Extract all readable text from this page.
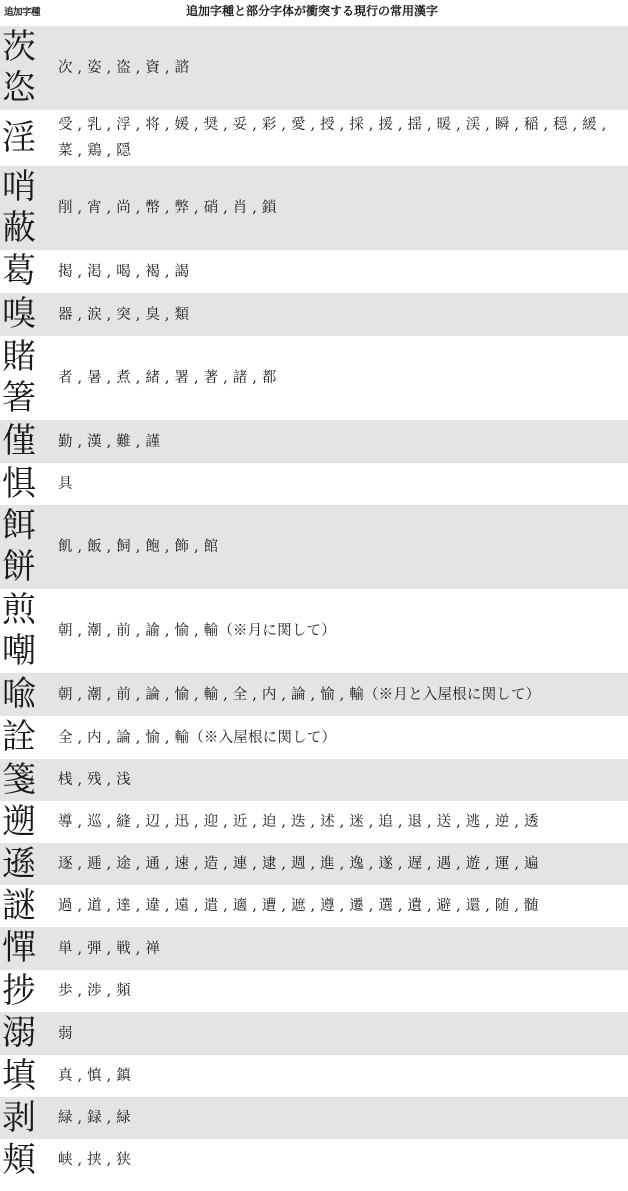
追加字種	追加字種と部分字体が衝突する現行の常用漢字
茨
恣 次 , 姿 , 盗 , 資 , 諮
淫 受 , 乳 , 浮 , 将 , 媛 , 奨 , 妥 , 彩 , 愛 , 授 , 採 , 援 , 揺 , 暖 , 渓 , 瞬 , 稲 , 穏 , 緩 , 菜 , 鶏 , 隠
哨
蔽 削 , 宵 , 尚 , 幣 , 弊 , 硝 , 肖 , 鎖
葛 掲 , 渇 , 喝 , 褐 , 謁
嗅 器 , 涙 , 突 , 臭 , 類
賭
箸 者 , 暑 , 煮 , 緒 , 署 , 著 , 諸 , 都
僅 勤 , 漢 , 難 , 謹
惧 具
餌
餅 飢 , 飯 , 飼 , 飽 , 飾 , 館
煎
嘲 朝 , 潮 , 前 , 諭 , 愉 , 輸（※月に関して）
喩 朝 , 潮 , 前 , 論 , 愉 , 輸 , 全 , 内 , 論 , 愉 , 輸（※月と入屋根に関して）
詮 全 , 内 , 論 , 愉 , 輸（※入屋根に関して）
箋 桟 , 残 , 浅
遡 導 , 巡 , 縫 , 辺 , 迅 , 迎 , 近 , 迫 , 迭 , 述 , 迷 , 追 , 退 , 送 , 逃 , 逆 , 透
遜 逐 , 逓 , 途 , 通 , 速 , 造 , 連 , 逮 , 週 , 進 , 逸 , 遂 , 遅 , 遇 , 遊 , 運 , 遍
謎 過 , 道 , 達 , 違 , 遠 , 遣 , 適 , 遭 , 遮 , 遵 , 遷 , 選 , 遺 , 避 , 還 , 随 , 髄
憚 単 , 弾 , 戦 , 禅
捗 歩 , 渉 , 頻
溺 弱
填 真 , 慎 , 鎮
剥 緑 , 録 , 緑
頬 峡 , 挟 , 狭
